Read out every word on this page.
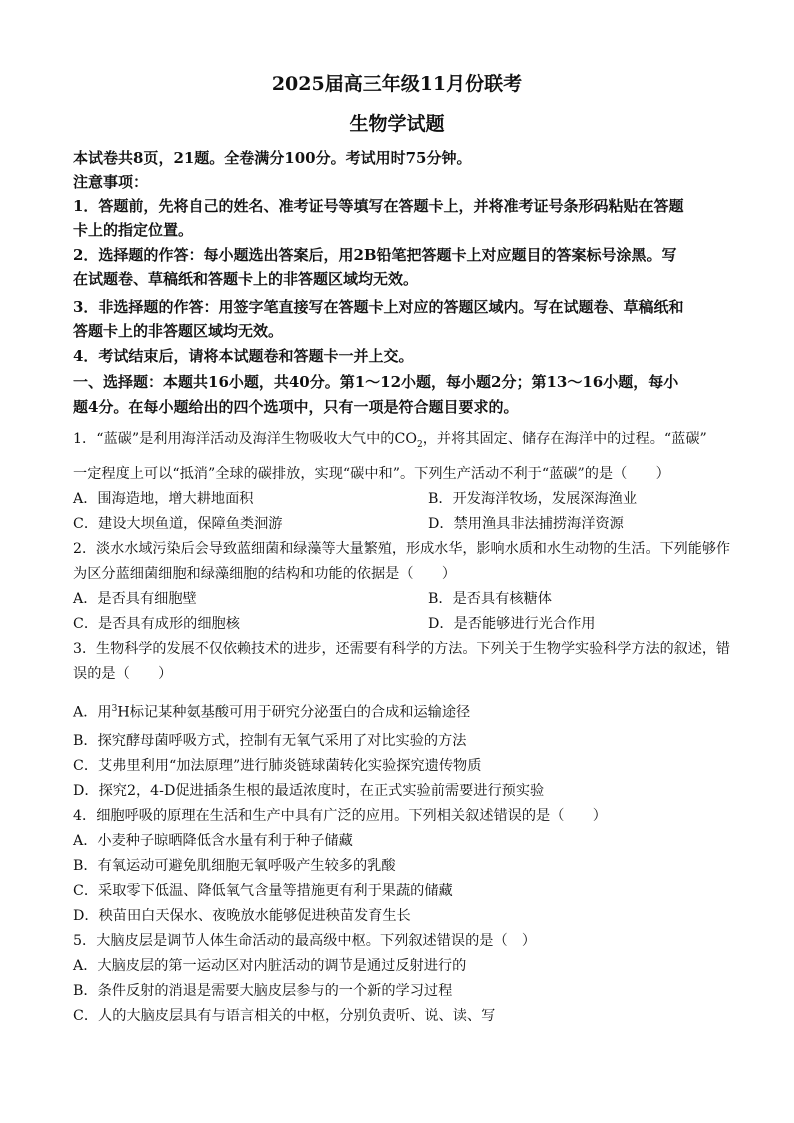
2025届高三年级11月份联考
生物学试题
本试卷共8页，21题。全卷满分100分。考试用时75分钟。
注意事项：
1．答题前，先将自己的姓名、准考证号等填写在答题卡上，并将准考证号条形码粘贴在答题
卡上的指定位置。
2．选择题的作答：每小题选出答案后，用2B铅笔把答题卡上对应题目的答案标号涂黑。写
在试题卷、草稿纸和答题卡上的非答题区域均无效。
3．非选择题的作答：用签字笔直接写在答题卡上对应的答题区域内。写在试题卷、草稿纸和
答题卡上的非答题区域均无效。
4．考试结束后，请将本试题卷和答题卡一并上交。
一、选择题：本题共16小题，共40分。第1～12小题，每小题2分；第13～16小题，每小
题4分。在每小题给出的四个选项中，只有一项是符合题目要求的。
1．“蓝碳”是利用海洋活动及海洋生物吸收大气中的$CO_2$，并将其固定、储存在海洋中的过程。“蓝碳”
一定程度上可以“抵消”全球的碳排放，实现“碳中和”。下列生产活动不利于“蓝碳”的是（　　）
A．围海造地，增大耕地面积	B．开发海洋牧场，发展深海渔业
C．建设大坝鱼道，保障鱼类洄游	D．禁用渔具非法捕捞海洋资源
2．淡水水域污染后会导致蓝细菌和绿藻等大量繁殖，形成水华，影响水质和水生动物的生活。下列能够作
为区分蓝细菌细胞和绿藻细胞的结构和功能的依据是（　　）
A．是否具有细胞壁	B．是否具有核糖体
C．是否具有成形的细胞核	D．是否能够进行光合作用
3．生物科学的发展不仅依赖技术的进步，还需要有科学的方法。下列关于生物学实验科学方法的叙述，错
误的是（　　）
A．用$^3$H标记某种氨基酸可用于研究分泌蛋白的合成和运输途径
B．探究酵母菌呼吸方式，控制有无氧气采用了对比实验的方法
C．艾弗里利用“加法原理”进行肺炎链球菌转化实验探究遗传物质
D．探究2，4-D促进插条生根的最适浓度时，在正式实验前需要进行预实验
4．细胞呼吸的原理在生活和生产中具有广泛的应用。下列相关叙述错误的是（　　）
A．小麦种子晾晒降低含水量有利于种子储藏
B．有氧运动可避免肌细胞无氧呼吸产生较多的乳酸
C．采取零下低温、降低氧气含量等措施更有利于果蔬的储藏
D．秧苗田白天保水、夜晚放水能够促进秧苗发育生长
5．大脑皮层是调节人体生命活动的最高级中枢。下列叙述错误的是（　）
A．大脑皮层的第一运动区对内脏活动的调节是通过反射进行的
B．条件反射的消退是需要大脑皮层参与的一个新的学习过程
C．人的大脑皮层具有与语言相关的中枢，分别负责听、说、读、写
